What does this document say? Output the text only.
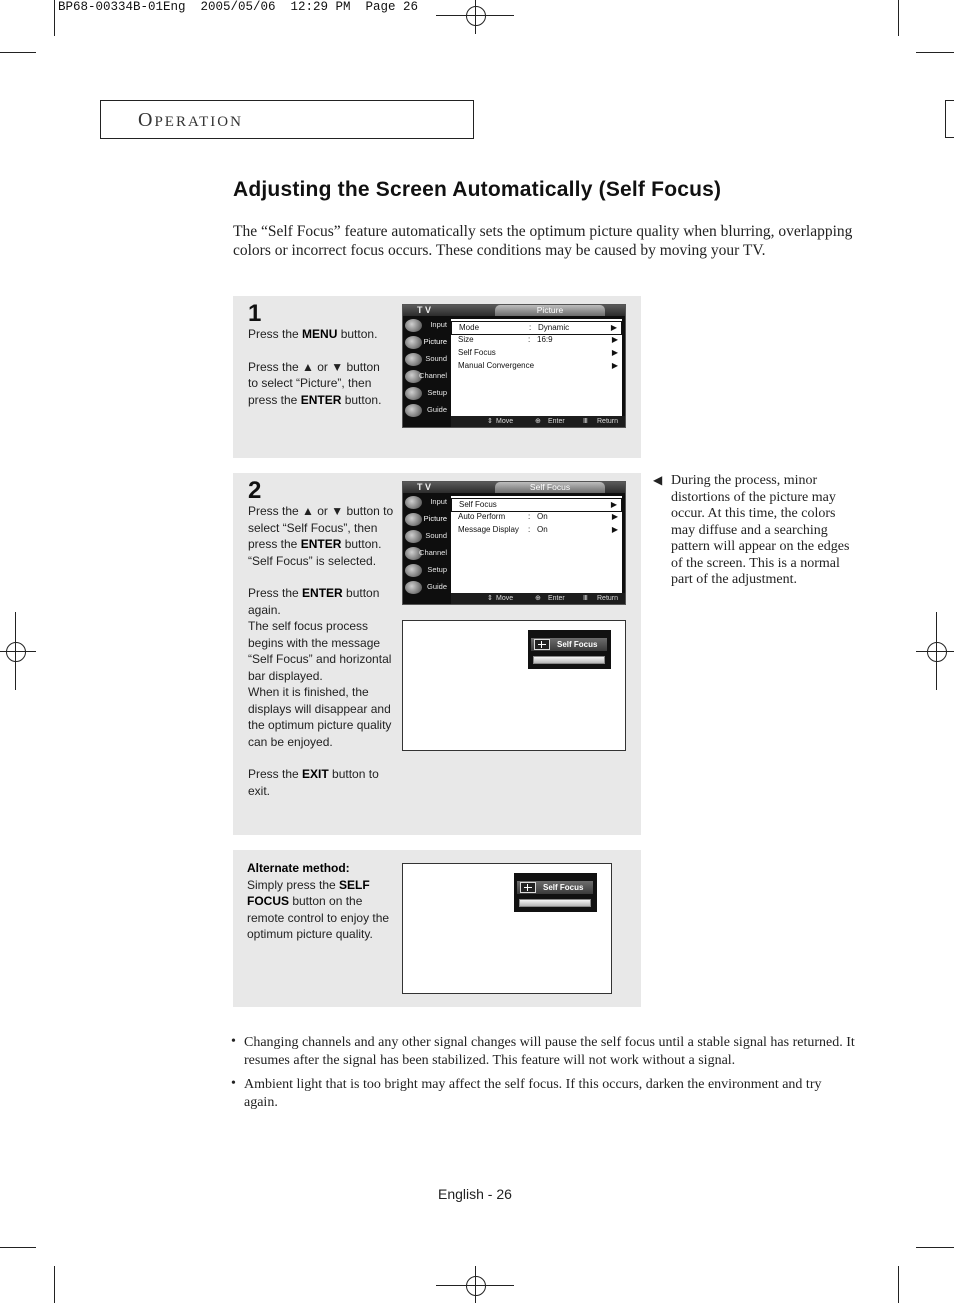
BP68-00334B-01Eng  2005/05/06  12:29 PM  Page 26
OPERATION
Adjusting the Screen Automatically (Self Focus)
The “Self Focus” feature automatically sets the optimum picture quality when blurring, overlapping colors or incorrect focus occurs. These conditions may be caused by moving your TV.
1
Press the MENU button.
Press the ▲ or ▼ button
to select “Picture”, then
press the ENTER button.
T V	Picture
Input
Picture
Sound
Channel
Setup
Guide
Mode	: Dynamic	▶
Size	: 16:9	▶
Self Focus	▶
Manual Convergence	▶
⇕ Move	⊕ Enter	Ⅲ Return
2
Press the ▲ or ▼ button to
select “Self Focus”, then
press the ENTER button.
“Self Focus” is selected.
Press the ENTER button
again.
The self focus process
begins with the message
“Self Focus” and horizontal
bar displayed.
When it is finished, the
displays will disappear and
the optimum picture quality
can be enjoyed.
Press the EXIT button to exit.
T V	Self Focus
Input
Picture
Sound
Channel
Setup
Guide
Self Focus	▶
Auto Perform	: On	▶
Message Display : On	▶
⇕ Move	⊕ Enter	Ⅲ Return
Self Focus
Alternate method:
Simply press the SELF
FOCUS button on the
remote control to enjoy the
optimum picture quality.
Self Focus
◀ During the process, minor distortions of the picture may occur. At this time, the colors may diffuse and a searching pattern will appear on the edges of the screen. This is a normal part of the adjustment.
• Changing channels and any other signal changes will pause the self focus until a stable signal has returned. It resumes after the signal has been stabilized. This feature will not work without a signal.
• Ambient light that is too bright may affect the self focus. If this occurs, darken the environment and try again.
English - 26
